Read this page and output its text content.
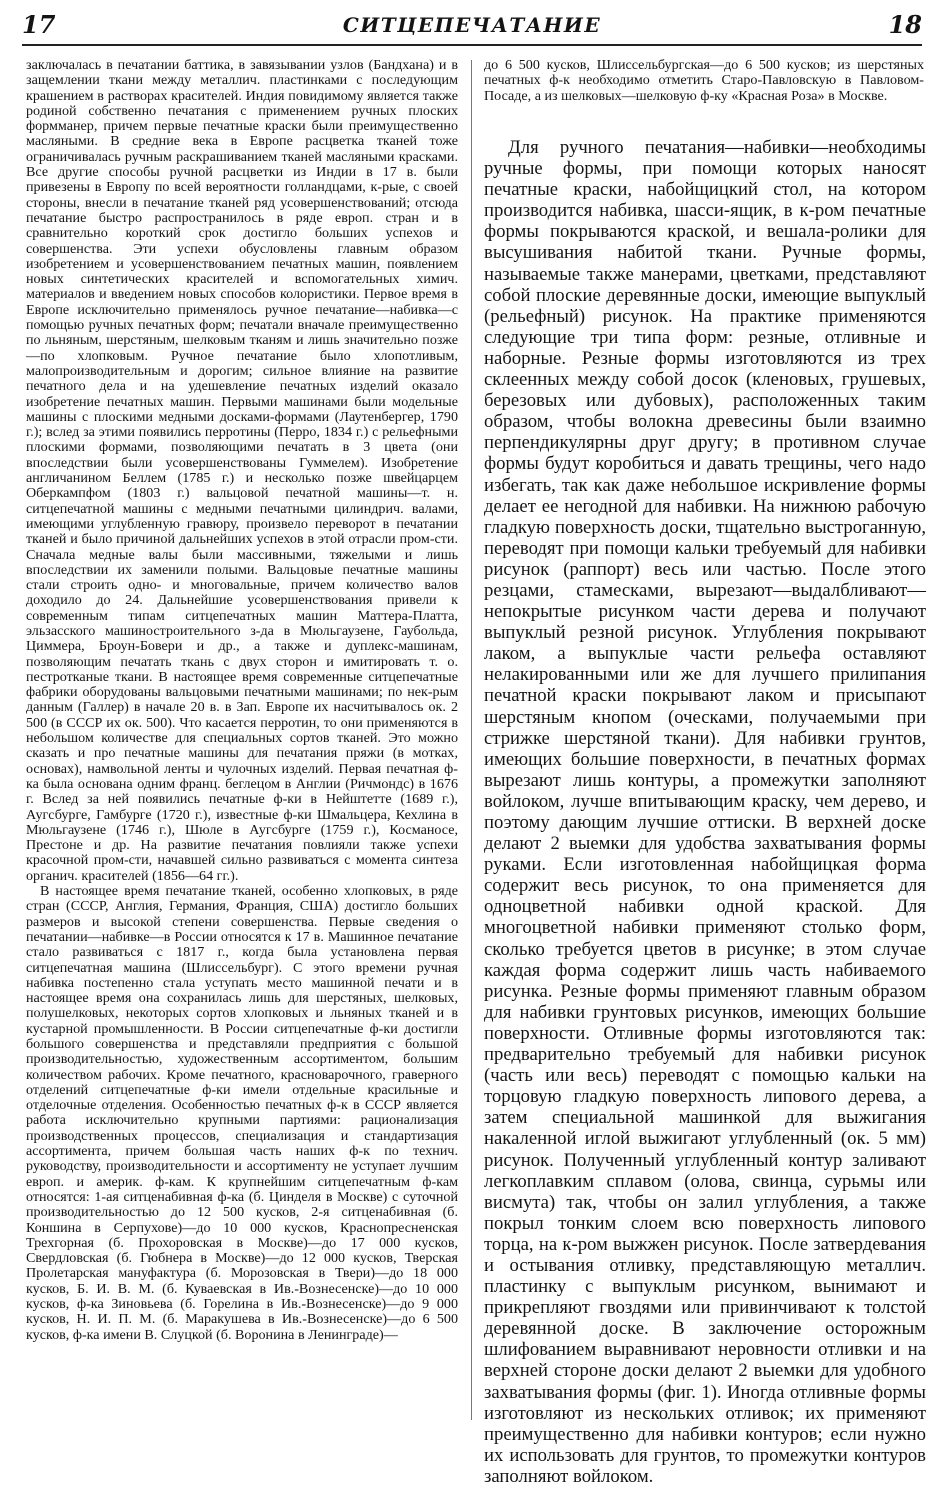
17	СИТЦЕПЕЧАТАНИЕ	18

заключалась в печатании баттика, в завязывании узлов (Бандхана) и в защемлении ткани между металлич. пластинками с последующим крашением в растворах красителей. Индия повидимому является также родиной собственно печатания с применением ручных плоских формманер, причем первые печатные краски были преимущественно масляными. В средние века в Европе расцветка тканей тоже ограничивалась ручным раскрашиванием тканей масляными красками. Все другие способы ручной расцветки из Индии в 17 в. были привезены в Европу по всей вероятности голландцами, к-рые, с своей стороны, внесли в печатание тканей ряд усовершенствований; отсюда печатание быстро распространилось в ряде европ. стран и в сравнительно короткий срок достигло больших успехов и совершенства. Эти успехи обусловлены главным образом изобретением и усовершенствованием печатных машин, появлением новых синтетических красителей и вспомогательных химич. материалов и введением новых способов колористики. Первое время в Европе исключительно применялось ручное печатание—набивка—с помощью ручных печатных форм; печатали вначале преимущественно по льняным, шерстяным, шелковым тканям и лишь значительно позже—по хлопковым. Ручное печатание было хлопотливым, малопроизводительным и дорогим; сильное влияние на развитие печатного дела и на удешевление печатных изделий оказало изобретение печатных машин. Первыми машинами были модельные машины с плоскими медными досками-формами (Лаутенбергер, 1790 г.); вслед за этими появились перротины (Перро, 1834 г.) с рельефными плоскими формами, позволяющими печатать в 3 цвета (они впоследствии были усовершенствованы Гуммелем). Изобретение англичанином Беллем (1785 г.) и несколько позже швейцарцем Оберкампфом (1803 г.) вальцовой печатной машины—т. н. ситцепечатной машины с медными печатными цилиндрич. валами, имеющими углубленную гравюру, произвело переворот в печатании тканей и было причиной дальнейших успехов в этой отрасли пром-сти. Сначала медные валы были массивными, тяжелыми и лишь впоследствии их заменили полыми. Вальцовые печатные машины стали строить одно- и многовальные, причем количество валов доходило до 24. Дальнейшие усовершенствования привели к современным типам ситцепечатных машин Маттера-Платта, эльзасского машиностроительного з-да в Мюльгаузене, Гаубольда, Циммера, Броун-Бовери и др., а также и дуплекс-машинам, позволяющим печатать ткань с двух сторон и имитировать т. о. пестротканые ткани. В настоящее время современные ситцепечатные фабрики оборудованы вальцовыми печатными машинами; по нек-рым данным (Галлер) в начале 20 в. в Зап. Европе их насчитывалось ок. 2 500 (в СССР их ок. 500). Что касается перротин, то они применяются в небольшом количестве для специальных сортов тканей. Это можно сказать и про печатные машины для печатания пряжи (в мотках, основах), намвольной ленты и чулочных изделий. Первая печатная ф-ка была основана одним франц. беглецом в Англии (Ричмондс) в 1676 г. Вслед за ней появились печатные ф-ки в Нейштетте (1689 г.), Аугсбурге, Гамбурге (1720 г.), известные ф-ки Шмальцера, Кехлина в Мюльгаузене (1746 г.), Шюле в Аугсбурге (1759 г.), Косманосе, Престоне и др. На развитие печатания повлияли также успехи красочной пром-сти, начавшей сильно развиваться с момента синтеза органич. красителей (1856—64 гг.).

В настоящее время печатание тканей, особенно хлопковых, в ряде стран (СССР, Англия, Германия, Франция, США) достигло больших размеров и высокой степени совершенства. Первые сведения о печатании—набивке—в России относятся к 17 в. Машинное печатание стало развиваться с 1817 г., когда была установлена первая ситцепечатная машина (Шлиссельбург). С этого времени ручная набивка постепенно стала уступать место машинной печати и в настоящее время она сохранилась лишь для шерстяных, шелковых, полушелковых, некоторых сортов хлопковых и льняных тканей и в кустарной промышленности. В России ситцепечатные ф-ки достигли большого совершенства и представляли предприятия с большой производительностью, художественным ассортиментом, большим количеством рабочих. Кроме печатного, красноварочного, граверного отделений ситцепечатные ф-ки имели отдельные красильные и отделочные отделения. Особенностью печатных ф-к в СССР является работа исключительно крупными партиями: рационализация производственных процессов, специализация и стандартизация ассортимента, причем большая часть наших ф-к по технич. руководству, производительности и ассортименту не уступает лучшим европ. и америк. ф-кам. К крупнейшим ситцепечатным ф-кам относятся: 1-ая ситценабивная ф-ка (б. Цинделя в Москве) с суточной производительностью до 12 500 кусков, 2-я ситценабивная (б. Коншина в Серпухове)—до 10 000 кусков, Краснопресненская Трехгорная (б. Прохоровская в Москве)—до 17 000 кусков, Свердловская (б. Гюбнера в Москве)—до 12 000 кусков, Тверская Пролетарская мануфактура (б. Морозовская в Твери)—до 18 000 кусков, Б. И. В. М. (б. Куваевская в Ив.-Вознесенске)—до 10 000 кусков, ф-ка Зиновьева (б. Горелина в Ив.-Вознесенске)—до 9 000 кусков, Н. И. П. М. (б. Маракушева в Ив.-Вознесенске)—до 6 500 кусков, ф-ка имени В. Слуцкой (б. Воронина в Ленинграде)—

до 6 500 кусков, Шлиссельбургская—до 6 500 кусков; из шерстяных печатных ф-к необходимо отметить Старо-Павловскую в Павловом-Посаде, а из шелковых—шелковую ф-ку «Красная Роза» в Москве.

Для ручного печатания—набивки—необходимы ручные формы, при помощи которых наносят печатные краски, набойщицкий стол, на котором производится набивка, шасси-ящик, в к-ром печатные формы покрываются краской, и вешала-ролики для высушивания набитой ткани. Ручные формы, называемые также манерами, цветками, представляют собой плоские деревянные доски, имеющие выпуклый (рельефный) рисунок. На практике применяются следующие три типа форм: резные, отливные и наборные. Резные формы изготовляются из трех склеенных между собой досок (кленовых, грушевых, березовых или дубовых), расположенных таким образом, чтобы волокна древесины были взаимно перпендикулярны друг другу; в противном случае формы будут коробиться и давать трещины, чего надо избегать, так как даже небольшое искривление формы делает ее негодной для набивки. На нижнюю рабочую гладкую поверхность доски, тщательно выстроганную, переводят при помощи кальки требуемый для набивки рисунок (раппорт) весь или частью. После этого резцами, стамесками, вырезают—выдалбливают—непокрытые рисунком части дерева и получают выпуклый резной рисунок. Углубления покрывают лаком, а выпуклые части рельефа оставляют нелакированными или же для лучшего прилипания печатной краски покрывают лаком и присыпают шерстяным кнопом (оческами, получаемыми при стрижке шерстяной ткани). Для набивки грунтов, имеющих большие поверхности, в печатных формах вырезают лишь контуры, а промежутки заполняют войлоком, лучше впитывающим краску, чем дерево, и поэтому дающим лучшие оттиски. В верхней доске делают 2 выемки для удобства захватывания формы руками. Если изготовленная набойщицкая форма содержит весь рисунок, то она применяется для одноцветной набивки одной краской. Для многоцветной набивки применяют столько форм, сколько требуется цветов в рисунке; в этом случае каждая форма содержит лишь часть набиваемого рисунка. Резные формы применяют главным образом для набивки грунтовых рисунков, имеющих большие поверхности. Отливные формы изготовляются так: предварительно требуемый для набивки рисунок (часть или весь) переводят с помощью кальки на торцовую гладкую поверхность липового дерева, а затем специальной машинкой для выжигания накаленной иглой выжигают углубленный (ок. 5 мм) рисунок. Полученный углубленный контур заливают легкоплавким сплавом (олова, свинца, сурьмы или висмута) так, чтобы он залил углубления, а также покрыл тонким слоем всю поверхность липового торца, на к-ром выжжен рисунок. После затвердевания и остывания отливку, представляющую металлич. пластинку с выпуклым рисунком, вынимают и прикрепляют гвоздями или привинчивают к толстой деревянной доске. В заключение осторожным шлифованием выравнивают неровности отливки и на верхней стороне доски делают 2 выемки для удобного захватывания формы (фиг. 1). Иногда отливные формы изготовляют из нескольких отливок; их применяют преимущественно для набивки контуров; если нужно их использовать для грунтов, то промежутки контуров заполняют войлоком.
